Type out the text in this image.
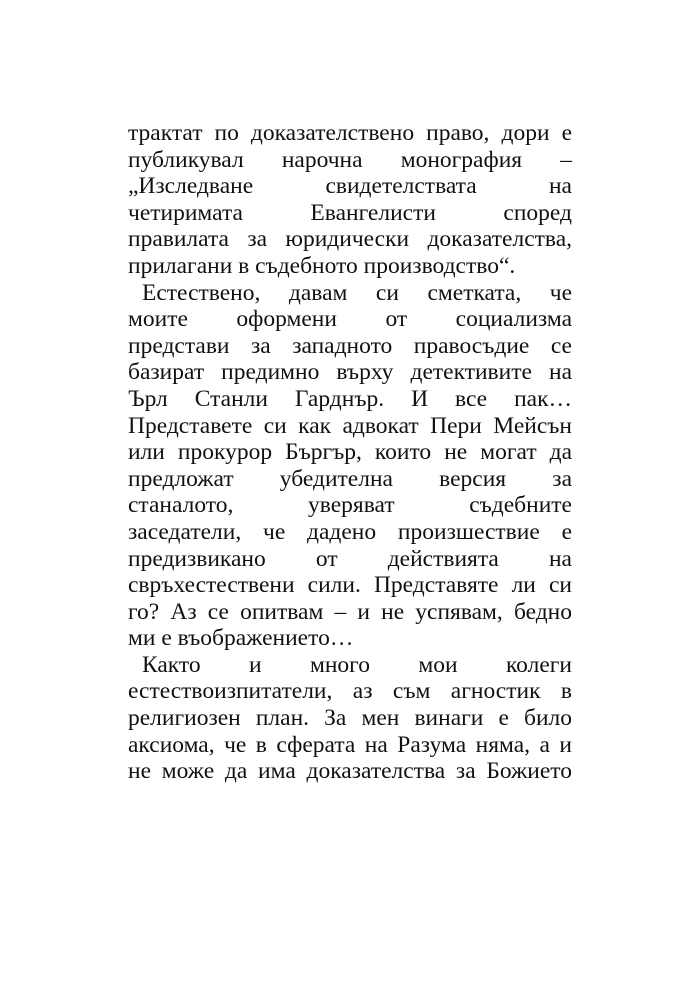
трактат по доказателствено право, дори е
публикувал нарочна монография –
„Изследване свидетелствата на
четиримата Евангелисти според
правилата за юридически доказателства,
прилагани в съдебното производство“.

Естествено, давам си сметката, че
моите оформени от социализма
представи за западното правосъдие се
базират предимно върху детективите на
Ърл Станли Гарднър. И все пак…
Представете си как адвокат Пери Мейсън
или прокурор Бъргър, които не могат да
предложат убедителна версия за
станалото, уверяват съдебните
заседатели, че дадено произшествие е
предизвикано от действията на
свръхестествени сили. Представяте ли си
го? Аз се опитвам – и не успявам, бедно
ми е въображението…

Както и много мои колеги
естествоизпитатели, аз съм агностик в
религиозен план. За мен винаги е било
аксиома, че в сферата на Разума няма, а и
не може да има доказателства за Божието
